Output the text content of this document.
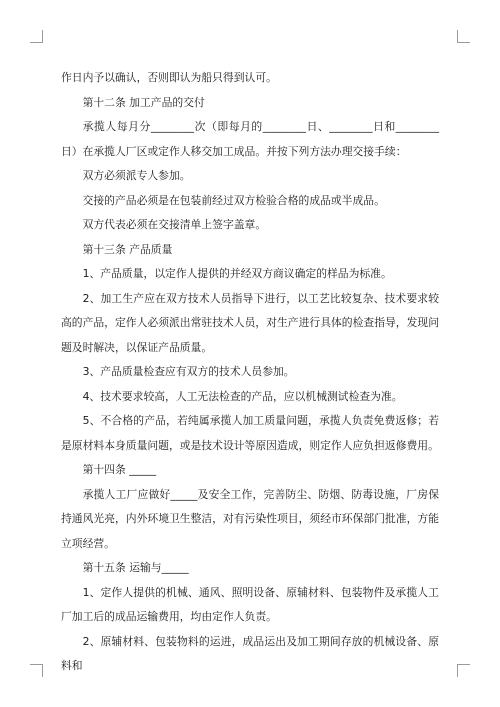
作日内予以确认，否则即认为船只得到认可。

第十二条 加工产品的交付

承揽人每月分________次（即每月的________日、________日和________日）在承揽人厂区或定作人移交加工成品。并按下列方法办理交接手续：

双方必须派专人参加。

交接的产品必须是在包装前经过双方检验合格的成品或半成品。

双方代表必须在交接清单上签字盖章。

第十三条 产品质量

1、产品质量，以定作人提供的并经双方商议确定的样品为标准。

2、加工生产应在双方技术人员指导下进行，以工艺比较复杂、技术要求较高的产品，定作人必须派出常驻技术人员，对生产进行具体的检查指导，发现问题及时解决，以保证产品质量。

3、产品质量检查应有双方的技术人员参加。

4、技术要求较高，人工无法检查的产品，应以机械测试检查为准。

5、不合格的产品，若纯属承揽人加工质量问题，承揽人负责免费返修；若是原材料本身质量问题，或是技术设计等原因造成，则定作人应负担返修费用。

第十四条 _____

承揽人工厂应做好_____及安全工作，完善防尘、防烟、防毒设施，厂房保持通风光亮，内外环境卫生整洁，对有污染性项目，须经市环保部门批准，方能立项经营。

第十五条 运输与_____

1、定作人提供的机械、通风、照明设备、原辅材料、包装物件及承揽人工厂加工后的成品运输费用，均由定作人负责。

2、原辅材料、包装物料的运进，成品运出及加工期间存放的机械设备、原料和
